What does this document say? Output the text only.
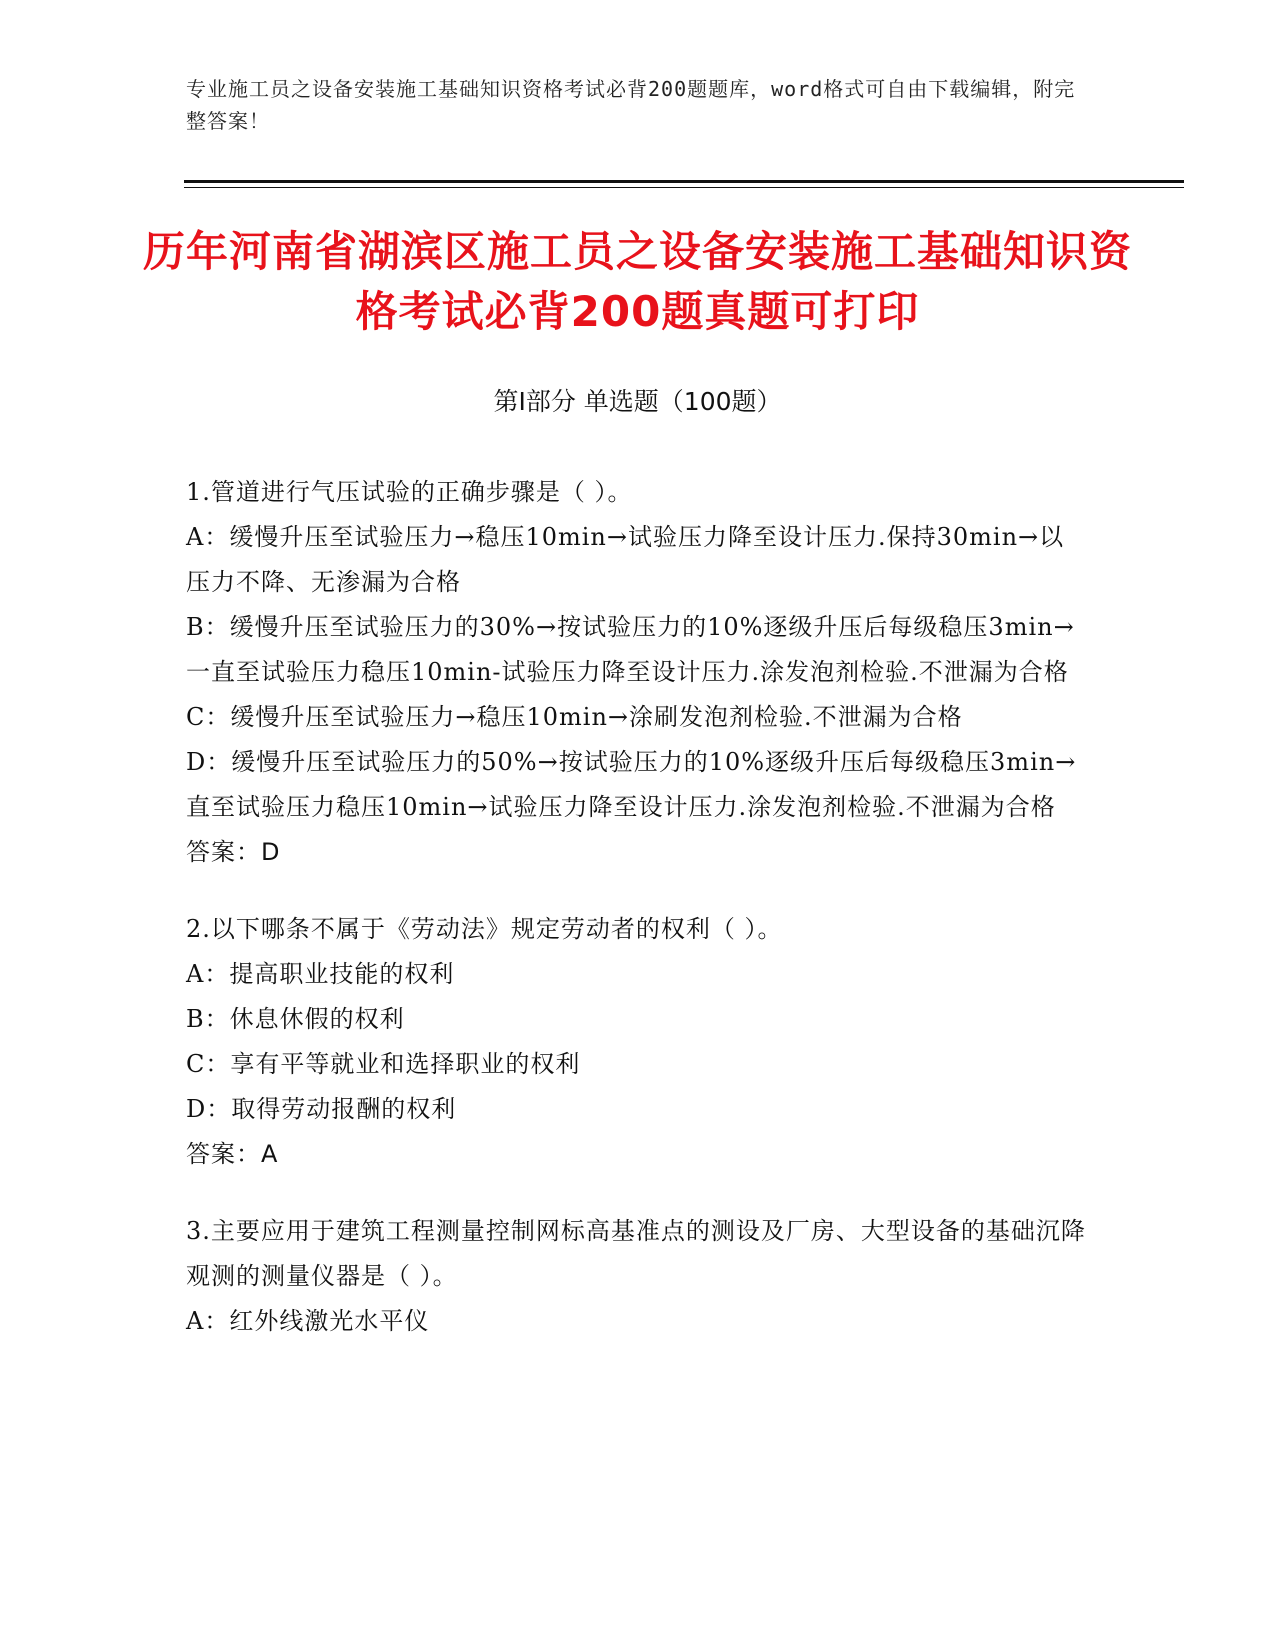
专业施工员之设备安装施工基础知识资格考试必背200题题库，word格式可自由下载编辑，附完整答案！
历年河南省湖滨区施工员之设备安装施工基础知识资格考试必背200题真题可打印
第Ⅰ部分 单选题（100题）
1.管道进行气压试验的正确步骤是（ ）。
A：缓慢升压至试验压力→稳压10min→试验压力降至设计压力.保持30min→以压力不降、无渗漏为合格
B：缓慢升压至试验压力的30%→按试验压力的10%逐级升压后每级稳压3min→一直至试验压力稳压10min-试验压力降至设计压力.涂发泡剂检验.不泄漏为合格
C：缓慢升压至试验压力→稳压10min→涂刷发泡剂检验.不泄漏为合格
D：缓慢升压至试验压力的50%→按试验压力的10%逐级升压后每级稳压3min→直至试验压力稳压10min→试验压力降至设计压力.涂发泡剂检验.不泄漏为合格
答案：D
2.以下哪条不属于《劳动法》规定劳动者的权利（ ）。
A：提高职业技能的权利
B：休息休假的权利
C：享有平等就业和选择职业的权利
D：取得劳动报酬的权利
答案：A
3.主要应用于建筑工程测量控制网标高基准点的测设及厂房、大型设备的基础沉降观测的测量仪器是（ ）。
A：红外线激光水平仪
